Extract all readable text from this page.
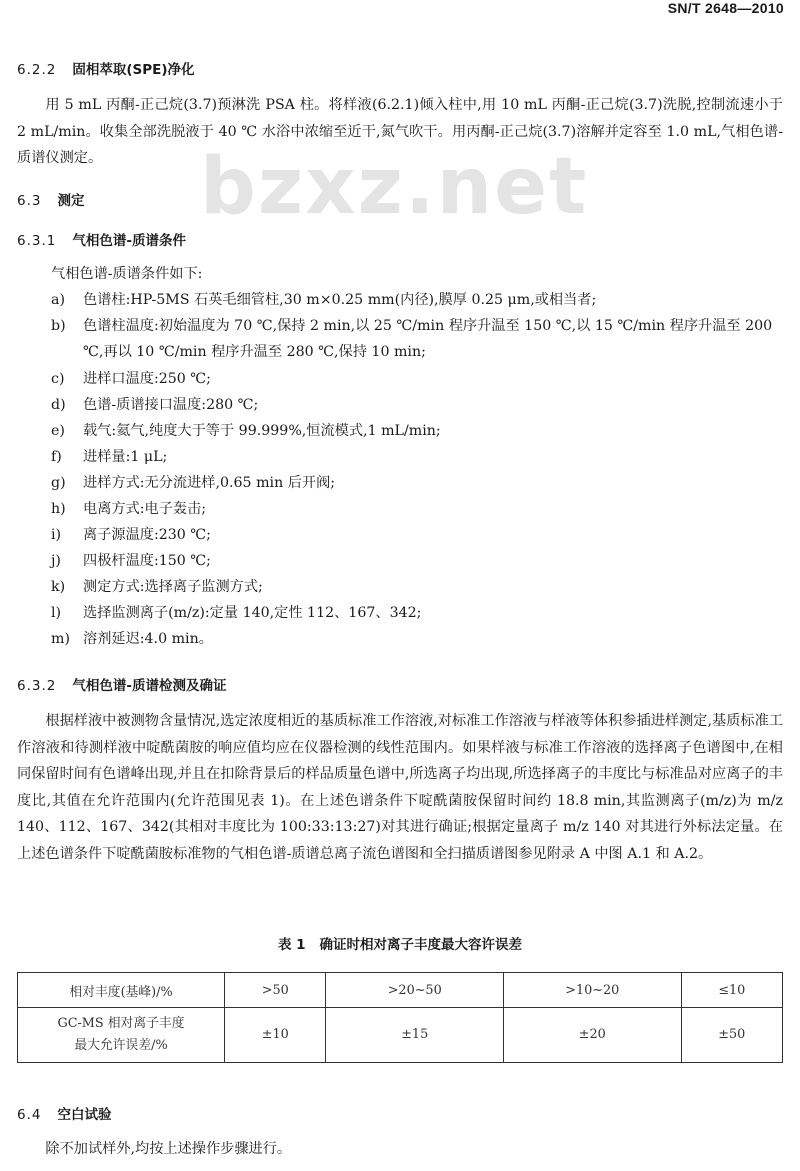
SN/T 2648—2010
bzxz.net
6.2.2 固相萃取(SPE)净化

用 5 mL 丙酮-正己烷(3.7)预淋洗 PSA 柱。将样液(6.2.1)倾入柱中,用 10 mL 丙酮-正己烷(3.7)洗脱,控制流速小于 2 mL/min。收集全部洗脱液于 40 ℃ 水浴中浓缩至近干,氮气吹干。用丙酮-正己烷(3.7)溶解并定容至 1.0 mL,气相色谱-质谱仪测定。

6.3 测定
6.3.1 气相色谱-质谱条件

气相色谱-质谱条件如下:

a) 色谱柱:HP-5MS 石英毛细管柱,30 m×0.25 mm(内径),膜厚 0.25 μm,或相当者;

b) 色谱柱温度:初始温度为 70 ℃,保持 2 min,以 25 ℃/min 程序升温至 150 ℃,以 15 ℃/min 程序升温至 200 ℃,再以 10 ℃/min 程序升温至 280 ℃,保持 10 min;

c) 进样口温度:250 ℃;

d) 色谱-质谱接口温度:280 ℃;

e) 载气:氦气,纯度大于等于 99.999%,恒流模式,1 mL/min;

f) 进样量:1 μL;

g) 进样方式:无分流进样,0.65 min 后开阀;

h) 电离方式:电子轰击;

i) 离子源温度:230 ℃;

j) 四极杆温度:150 ℃;

k) 测定方式:选择离子监测方式;

l) 选择监测离子(m/z):定量 140,定性 112、167、342;

m) 溶剂延迟:4.0 min。

6.3.2 气相色谱-质谱检测及确证

根据样液中被测物含量情况,选定浓度相近的基质标准工作溶液,对标准工作溶液与样液等体积参插进样测定,基质标准工作溶液和待测样液中啶酰菌胺的响应值均应在仪器检测的线性范围内。如果样液与标准工作溶液的选择离子色谱图中,在相同保留时间有色谱峰出现,并且在扣除背景后的样品质量色谱中,所选离子均出现,所选择离子的丰度比与标准品对应离子的丰度比,其值在允许范围内(允许范围见表 1)。在上述色谱条件下啶酰菌胺保留时间约 18.8 min,其监测离子(m/z)为 m/z 140、112、167、342(其相对丰度比为 100:33:13:27)对其进行确证;根据定量离子 m/z 140 对其进行外标法定量。在上述色谱条件下啶酰菌胺标准物的气相色谱-质谱总离子流色谱图和全扫描质谱图参见附录 A 中图 A.1 和 A.2。

表 1 确证时相对离子丰度最大容许误差
相对丰度(基峰)/%	>50	>20~50	>10~20	≤10

GC-MS 相对离子丰度
最大允许误差/%	±10	±15	±20	±50
6.4 空白试验

除不加试样外,均按上述操作步骤进行。
